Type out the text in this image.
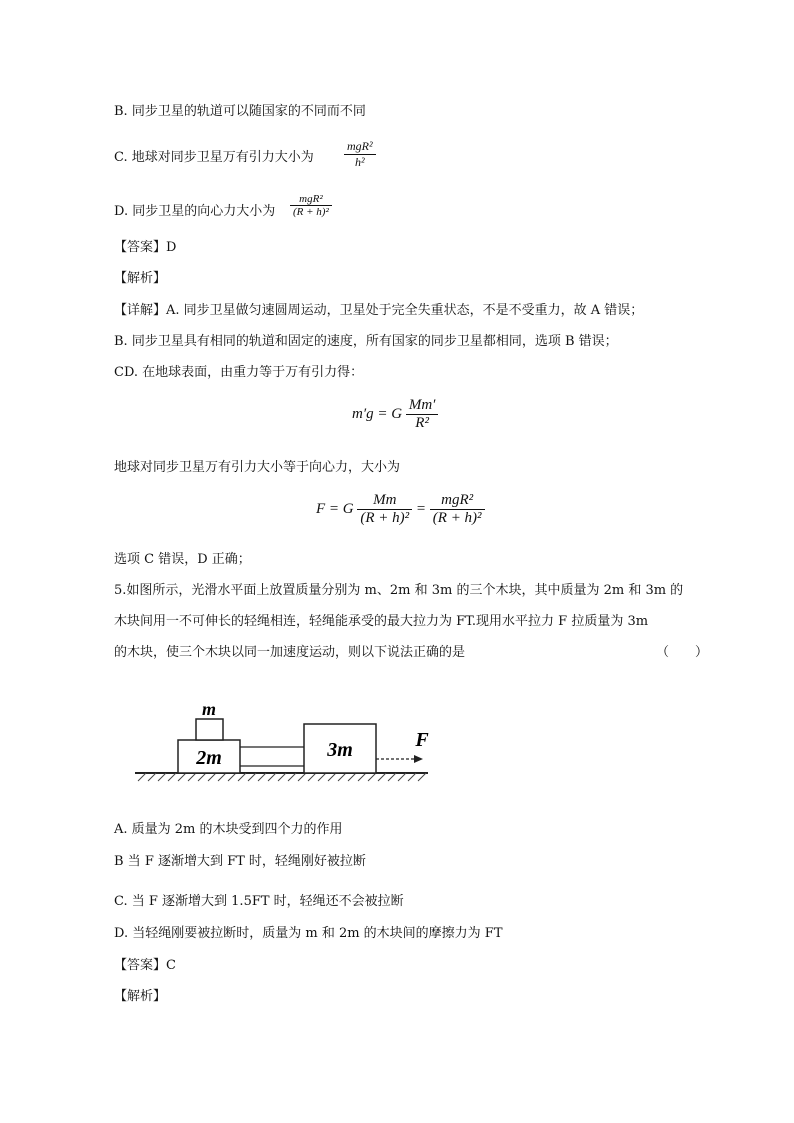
B. 同步卫星的轨道可以随国家的不同而不同
C. 地球对同步卫星万有引力大小为
mgR²
h²
D. 同步卫星的向心力大小为
mgR²
(R + h)²
【答案】D
【解析】
【详解】A. 同步卫星做匀速圆周运动，卫星处于完全失重状态，不是不受重力，故 A 错误；
B. 同步卫星具有相同的轨道和固定的速度，所有国家的同步卫星都相同，选项 B 错误；
CD. 在地球表面，由重力等于万有引力得：
m′g = G $\frac{Mm'}{\text{R²}}$
地球对同步卫星万有引力大小等于向心力，大小为
F = G $\frac{Mm}{\text{(R + h)²}}$ =
mgR²
(R + h)²
选项 C 错误，D 正确；
5.如图所示，光滑水平面上放置质量分别为 m、2m 和 3m 的三个木块，其中质量为 2m 和 3m 的
木块间用一不可伸长的轻绳相连，轻绳能承受的最大拉力为 FT.现用水平拉力 F 拉质量为 3m
的木块，使三个木块以同一加速度运动，则以下说法正确的是	（　　）
m
2m	3m	F
A. 质量为 2m 的木块受到四个力的作用
B 当 F 逐渐增大到 FT 时，轻绳刚好被拉断
C. 当 F 逐渐增大到 1.5FT 时，轻绳还不会被拉断
D. 当轻绳刚要被拉断时，质量为 m 和 2m 的木块间的摩擦力为 FT
【答案】C
【解析】
